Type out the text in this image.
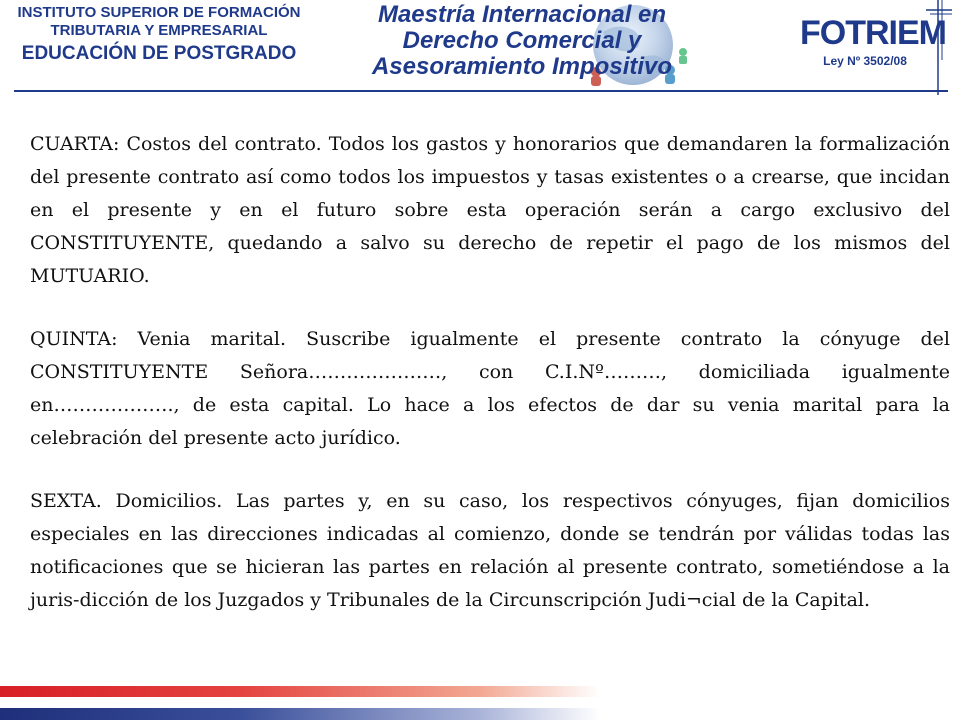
INSTITUTO SUPERIOR DE FORMACIÓN
TRIBUTARIA Y EMPRESARIAL
EDUCACIÓN DE POSTGRADO
Maestría Internacional en
Derecho Comercial y
Asesoramiento Impositivo
FOTRIEM
Ley Nº 3502/08

CUARTA: Costos del contrato. Todos los gastos y honorarios que demandaren la formalización del presente contrato así como todos los impuestos y tasas existentes o a crearse, que incidan en el presente y en el futuro sobre esta operación serán a cargo exclusivo del CONSTITUYENTE, quedando a salvo su derecho de repetir el pago de los mismos del MUTUARIO.

QUINTA: Venia marital. Suscribe igualmente el presente contrato la cónyuge del CONSTITUYENTE Señora…………………, con C.I.Nº………, domiciliada igualmente en………………., de esta capital. Lo hace a los efectos de dar su venia marital para la celebración del presente acto jurídico.

SEXTA. Domicilios. Las partes y, en su caso, los respectivos cónyuges, fijan domicilios especiales en las direcciones indicadas al comienzo, donde se tendrán por válidas todas las notificaciones que se hicieran las partes en relación al presente contrato, sometiéndose a la juris-dicción de los Juzgados y Tribunales de la Circunscripción Judi¬cial de la Capital.
